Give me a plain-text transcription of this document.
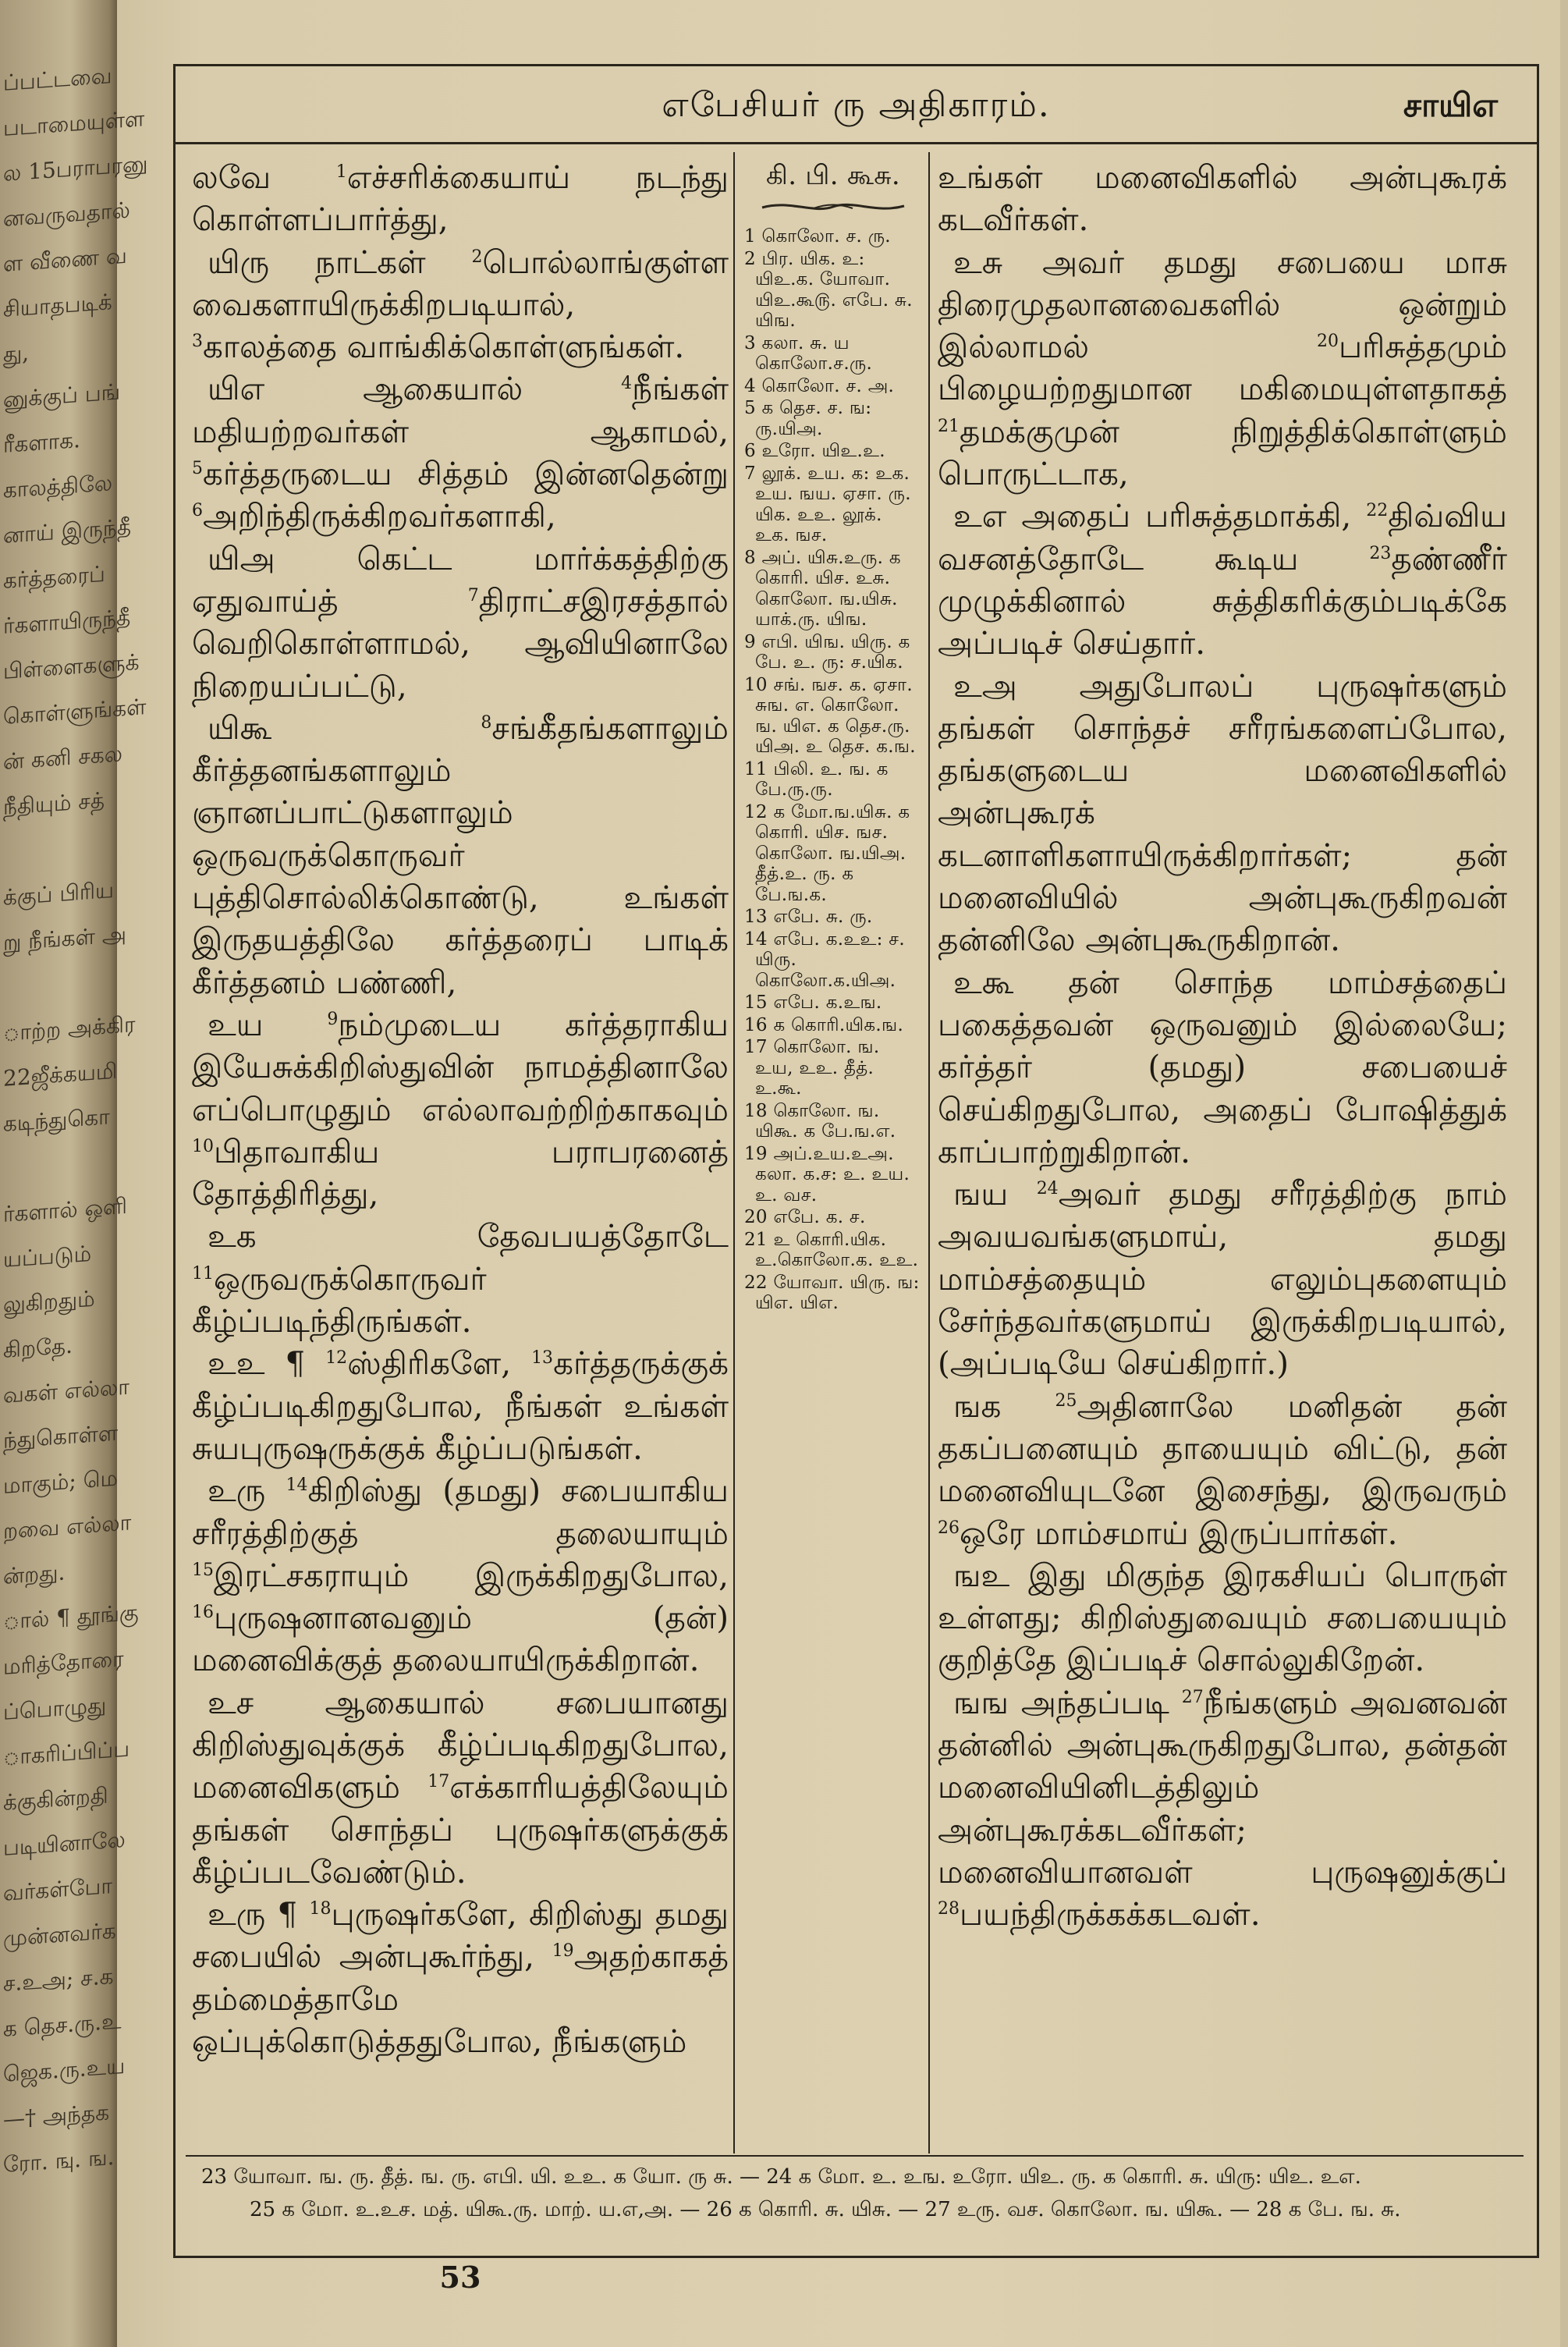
ப்பட்டவை
படாமையுள்ள
ல 15பராபரனு
னவருவதால்
ள வீணை வ
சியாதபடிக்
து,
னுக்குப் பங்
ரீகளாக.
காலத்திலே
னாய் இருந்தீ
கர்த்தரைப்
ர்களாயிருந்தீ
பிள்ளைகளுக்
கொள்ளுங்கள்
ன் கனி சகல
நீதியும் சத்
க்குப் பிரிய
று நீங்கள் அ
ாற்ற அக்கிர
22ஜீக்கயமி
கடிந்துகொ
ர்களால் ஒளி
யப்படும்
லுகிறதும்
கிறதே.
வகள் எல்லா
ந்துகொள்ள
மாகும்; மெ
றவை எல்லா
ன்றது.
ால் ¶ தூங்கு
மரித்தோரை
ப்பொழுது
ாகரிப்பிப்ப
க்குகின்றதி
படியினாலே
வர்கள்போ
முன்னவர்க
ச.உஅ; ச.க
க தெச.ரு.உ
ஜெக.ரு.உய
—† அந்தக
ரோ. ஙு. ங.
எபேசியர் ரு அதிகாரம்.	சாயிஎ

லவே $^1$எச்சரிக்கையாய் நடந்து கொள்ளப்பார்த்து,

யிரு நாட்கள் $^2$பொல்லாங்குள்ள வைகளாயிருக்கிறபடியால், $^3$காலத்தை வாங்கிக்கொள்ளுங்கள்.

யிஎ ஆகையால் $^4$நீங்கள் மதியற்றவர்கள் ஆகாமல், $^5$கர்த்தருடைய சித்தம் இன்னதென்று $^6$அறிந்திருக்கிறவர்களாகி,

யிஅ கெட்ட மார்க்கத்திற்கு ஏதுவாய்த் $^7$திராட்சஇரசத்தால் வெறிகொள்ளாமல், ஆவியினாலே நிறையப்பட்டு,

யிகூ $^8$சங்கீதங்களாலும் கீர்த்தனங்களாலும் ஞானப்பாட்டுகளாலும் ஒருவருக்கொருவர் புத்திசொல்லிக்கொண்டு, உங்கள் இருதயத்திலே கர்த்தரைப் பாடிக் கீர்த்தனம் பண்ணி,

உய $^9$நம்முடைய கர்த்தராகிய இயேசுக்கிறிஸ்துவின் நாமத்தினாலே எப்பொழுதும் எல்லாவற்றிற்காகவும் $^{10}$பிதாவாகிய பராபரனைத் தோத்திரித்து,

உக தேவபயத்தோடே $^{11}$ஒருவருக்கொருவர் கீழ்ப்படிந்திருங்கள்.

உஉ ¶ $^{12}$ஸ்திரிகளே, $^{13}$கர்த்தருக்குக் கீழ்ப்படிகிறதுபோல, நீங்கள் உங்கள் சுயபுருஷருக்குக் கீழ்ப்படுங்கள்.

உரு $^{14}$கிறிஸ்து (தமது) சபையாகிய சரீரத்திற்குத் தலையாயும் $^{15}$இரட்சகராயும் இருக்கிறதுபோல, $^{16}$புருஷனானவனும் (தன்) மனைவிக்குத் தலையாயிருக்கிறான்.

உச ஆகையால் சபையானது கிறிஸ்துவுக்குக் கீழ்ப்படிகிறதுபோல, மனைவிகளும் $^{17}$எக்காரியத்திலேயும் தங்கள் சொந்தப் புருஷர்களுக்குக் கீழ்ப்படவேண்டும்.

உரு ¶ $^{18}$புருஷர்களே, கிறிஸ்து தமது சபையில் அன்புகூர்ந்து, $^{19}$அதற்காகத் தம்மைத்தாமே ஒப்புக்கொடுத்ததுபோல, நீங்களும்

கி. பி. கூசு.
1 கொலோ. ச. ரு.
2 பிர. யிக. உ: யிஉ.க. யோவா. யிஉ.கூ௫. எபே. சு. யிங.
3 கலா. சு. ய கொலோ.ச.ரு.
4 கொலோ. ச. அ.
5 க தெச. ச. ங: ரு.யிஅ.
6 உரோ. யிஉ.உ.
7 லூக். உய. க: உக. உய. ஙய. ஏசா. ரு. யிக. உஉ. லூக். உக. ஙச.
8 அப். யிசு.உரு. க கொரி. யிச. உசு. கொலோ. ங.யிசு. யாக்.ரு. யிங.
9 எபி. யிங. யிரு. க பே. உ. ரு: ச.யிக.
10 சங். ஙச. க. ஏசா. சுங. எ. கொலோ. ங. யிஎ. க தெச.ரு. யிஅ. உ தெச. க.ங.
11 பிலி. உ. ங. க பே.ரு.ரு.
12 க மோ.ங.யிசு. க கொரி. யிச. ஙச. கொலோ. ங.யிஅ. தீத்.உ. ரு. க பே.ங.க.
13 எபே. சு. ரு.
14 எபே. க.உஉ: ச. யிரு. கொலோ.க.யிஅ.
15 எபே. க.உங.
16 க கொரி.யிக.ங.
17 கொலோ. ங. உய, உஉ. தீத். உ.கூ.
18 கொலோ. ங. யிகூ. க பே.ங.எ.
19 அப்.உய.உஅ. கலா. க.ச: உ. உய. உ. வச.
20 எபே. க. ச.
21 உ கொரி.யிக. உ.கொலோ.க. உஉ.
22 யோவா. யிரு. ங: யிஎ. யிஎ.

உங்கள் மனைவிகளில் அன்புகூரக் கடவீர்கள்.

உசு அவர் தமது சபையை மாசு திரைமுதலானவைகளில் ஒன்றும் இல்லாமல் $^{20}$பரிசுத்தமும் பிழையற்றதுமான மகிமையுள்ளதாகத் $^{21}$தமக்குமுன் நிறுத்திக்கொள்ளும் பொருட்டாக,

உஎ அதைப் பரிசுத்தமாக்கி, $^{22}$திவ்விய வசனத்தோடே கூடிய $^{23}$தண்ணீர் முழுக்கினால் சுத்திகரிக்கும்படிக்கே அப்படிச் செய்தார்.

உஅ அதுபோலப் புருஷர்களும் தங்கள் சொந்தச் சரீரங்களைப்போல, தங்களுடைய மனைவிகளில் அன்புகூரக் கடனாளிகளாயிருக்கிறார்கள்; தன் மனைவியில் அன்புகூருகிறவன் தன்னிலே அன்புகூருகிறான்.

உகூ தன் சொந்த மாம்சத்தைப் பகைத்தவன் ஒருவனும் இல்லையே; கர்த்தர் (தமது) சபையைச் செய்கிறதுபோல, அதைப் போஷித்துக் காப்பாற்றுகிறான்.

ஙய $^{24}$அவர் தமது சரீரத்திற்கு நாம் அவயவங்களுமாய், தமது மாம்சத்தையும் எலும்புகளையும் சேர்ந்தவர்களுமாய் இருக்கிறபடியால், (அப்படியே செய்கிறார்.)

ஙக $^{25}$அதினாலே மனிதன் தன் தகப்பனையும் தாயையும் விட்டு, தன் மனைவியுடனே இசைந்து, இருவரும் $^{26}$ஒரே மாம்சமாய் இருப்பார்கள்.

ஙஉ இது மிகுந்த இரகசியப் பொருள் உள்ளது; கிறிஸ்துவையும் சபையையும் குறித்தே இப்படிச் சொல்லுகிறேன்.

ஙங அந்தப்படி $^{27}$நீங்களும் அவனவன் தன்னில் அன்புகூருகிறதுபோல, தன்தன் மனைவியினிடத்திலும் அன்புகூரக்கடவீர்கள்; மனைவியானவள் புருஷனுக்குப் $^{28}$பயந்திருக்கக்கடவள்.

23 யோவா. ங. ரு. தீத். ங. ரு. எபி. யி. உஉ. க யோ. ரு சு. — 24 க மோ. உ. உங. உரோ. யிஉ. ரு. க கொரி. சு. யிரு: யிஉ. உஎ.
25 க மோ. உ.உச. மத். யிகூ.ரு. மாற். ய.எ,அ. — 26 க கொரி. சு. யிசு. — 27 உரு. வச. கொலோ. ங. யிகூ. — 28 க பே. ங. சு.
53
